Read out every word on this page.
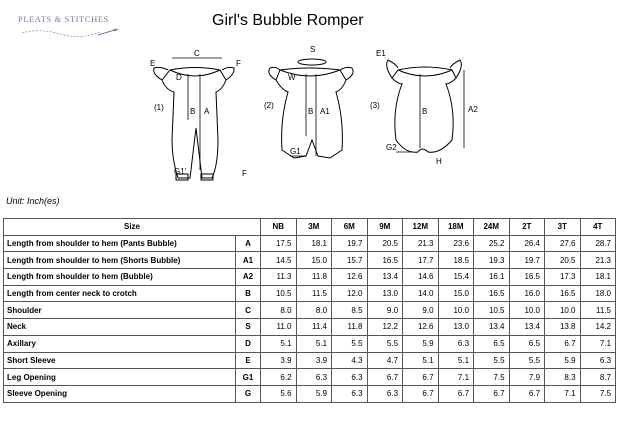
PLEATS & STITCHES	Girl's Bubble Romper
(1)	(2)	(3)
C
E
D
F
B A
G1'	F
S
W
B A1
G1
E1
B	A2
G2
H
Unit: Inch(es)
Size		NB	3M	6M	9M	12M	18M	24M	2T	3T	4T
Length from shoulder to hem (Pants Bubble)	A	17.5	18.1	19.7	20.5	21.3	23.6	25.2	26.4	27.6	28.7
Length from shoulder to hem (Shorts Bubble)	A1	14.5	15.0	15.7	16.5	17.7	18.5	19.3	19.7	20.5	21.3
Length from shoulder to hem (Bubble)	A2	11.3	11.8	12.6	13.4	14.6	15.4	16.1	16.5	17.3	18.1
Length from center neck to crotch	B	10.5	11.5	12.0	13.0	14.0	15.0	16.5	16.0	16.5	18.0
Shoulder	C	8.0	8.0	8.5	9.0	9.0	10.0	10.5	10.0	10.0	11.5
Neck	S	11.0	11.4	11.8	12.2	12.6	13.0	13.4	13.4	13.8	14.2
Axillary	D	5.1	5.1	5.5	5.5	5.9	6.3	6.5	6.5	6.7	7.1
Short Sleeve	E	3.9	3.9	4.3	4.7	5.1	5.1	5.5	5.5	5.9	6.3
Leg Opening	G1	6.2	6.3	6.3	6.7	6.7	7.1	7.5	7.9	8.3	8.7
Sleeve Opening	G	5.6	5.9	6.3	6.3	6.7	6.7	6.7	6.7	7.1	7.5
